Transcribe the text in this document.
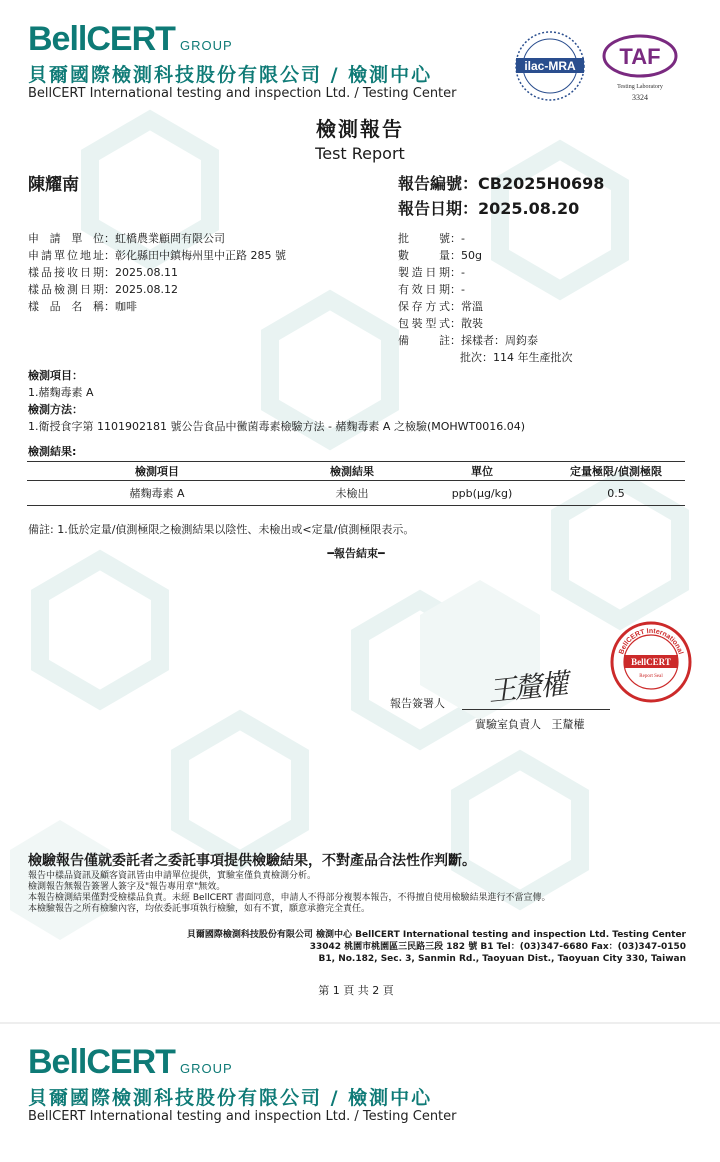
BellCERT GROUP
貝爾國際檢測科技股份有限公司 / 檢測中心
BellCERT International testing and inspection Ltd. / Testing Center
ilac-MRA TAF
Testing Laboratory
3324
檢測報告
Test Report
陳耀南	報告編號：CB2025H0698
報告日期：2025.08.20
申 請 單 位：虹橋農業顧問有限公司
申請單位地址：彰化縣田中鎮梅州里中正路 285 號
樣品接收日期：2025.08.11
樣品檢測日期：2025.08.12
樣 品 名 稱：咖啡
批 號：-
數 量：50g
製造日期：-
有效日期：-
保存方式：常溫
包裝型式：散裝
備 註：採樣者：周鈞泰
批次：114 年生產批次
檢測項目：
1.赭麴毒素 A
檢測方法：
1.衛授食字第 1101902181 號公告食品中黴菌毒素檢驗方法 - 赭麴毒素 A 之檢驗(MOHWT0016.04)
檢測結果:
檢測項目	檢測結果	單位	定量極限/偵測極限
赭麴毒素 A	未檢出	ppb(μg/kg)	0.5
備註: 1.低於定量/偵測極限之檢測結果以陰性、未檢出或<定量/偵測極限表示。
━報告結束━
BellCERT International
BellCERT
Report Seal
報告簽署人 王釐權
實驗室負責人 王釐權
檢驗報告僅就委託者之委託事項提供檢驗結果，不對產品合法性作判斷。
報告中樣品資訊及顧客資訊皆由申請單位提供，實驗室僅負責檢測分析。
檢測報告無報告簽署人簽字及"報告專用章"無效。
本報告檢測結果僅對受檢樣品負責。未經 BellCERT 書面同意，申請人不得部分複製本報告，不得擅自使用檢驗結果進行不當宣傳。
本檢驗報告之所有檢驗內容，均依委託事項執行檢驗，如有不實，願意承擔完全責任。
貝爾國際檢測科技股份有限公司 檢測中心 BellCERT International testing and inspection Ltd. Testing Center
33042 桃園市桃園區三民路三段 182 號 B1 Tel：(03)347-6680 Fax：(03)347-0150
B1, No.182, Sec. 3, Sanmin Rd., Taoyuan Dist., Taoyuan City 330, Taiwan
第 1 頁 共 2 頁
BellCERT GROUP
貝爾國際檢測科技股份有限公司 / 檢測中心
BellCERT International testing and inspection Ltd. / Testing Center
